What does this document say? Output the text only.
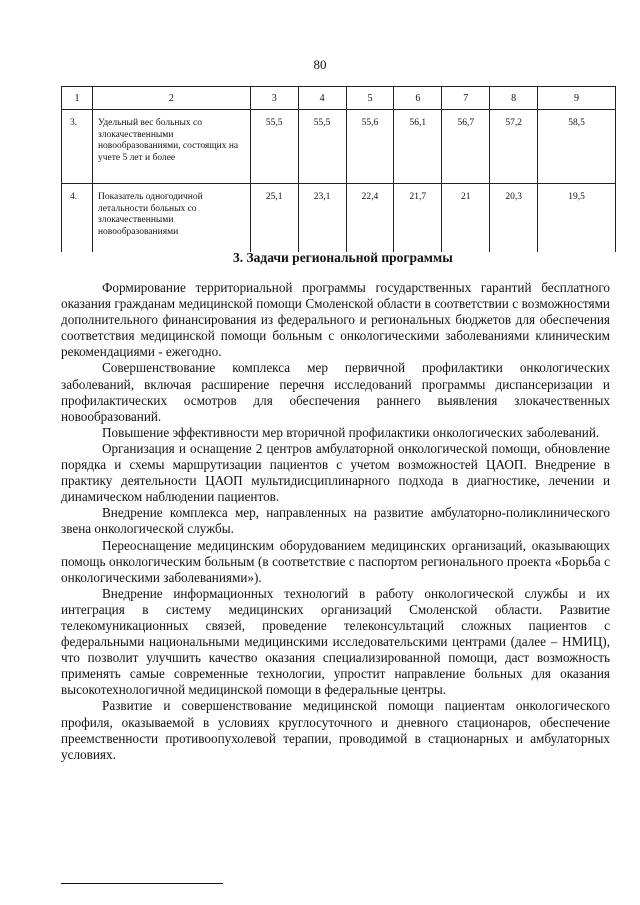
80
1	2	3	4	5	6	7	8	9
3.	Удельный вес больных со злокачественными новообразованиями, состоящих на учете 5 лет и более	55,5	55,5	55,6	56,1	56,7	57,2	58,5
4.	Показатель одногодичной летальности больных со злокачественными новообразованиями	25,1	23,1	22,4	21,7	21	20,3	19,5
3. Задачи региональной программы

Формирование территориальной программы государственных гарантий бесплатного оказания гражданам медицинской помощи Смоленской области в соответствии с возможностями дополнительного финансирования из федерального и региональных бюджетов для обеспечения соответствия медицинской помощи больным с онкологическими заболеваниями клиническим рекомендациями - ежегодно.

Совершенствование комплекса мер первичной профилактики онкологических заболеваний, включая расширение перечня исследований программы диспансеризации и профилактических осмотров для обеспечения раннего выявления злокачественных новообразований.

Повышение эффективности мер вторичной профилактики онкологических заболеваний.

Организация и оснащение 2 центров амбулаторной онкологической помощи, обновление порядка и схемы маршрутизации пациентов с учетом возможностей ЦАОП. Внедрение в практику деятельности ЦАОП мультидисциплинарного подхода в диагностике, лечении и динамическом наблюдении пациентов.

Внедрение комплекса мер, направленных на развитие амбулаторно-поликлинического звена онкологической службы.

Переоснащение медицинским оборудованием медицинских организаций, оказывающих помощь онкологическим больным (в соответствие с паспортом регионального проекта «Борьба с онкологическими заболеваниями»).

Внедрение информационных технологий в работу онкологической службы и их интеграция в систему медицинских организаций Смоленской области. Развитие телекомуникационных связей, проведение телеконсультаций сложных пациентов с федеральными национальными медицинскими исследовательскими центрами (далее – НМИЦ), что позволит улучшить качество оказания специализированной помощи, даст возможность применять самые современные технологии, упростит направление больных для оказания высокотехнологичной медицинской помощи в федеральные центры.

Развитие и совершенствование медицинской помощи пациентам онкологического профиля, оказываемой в условиях круглосуточного и дневного стационаров, обеспечение преемственности противоопухолевой терапии, проводимой в стационарных и амбулаторных условиях.
